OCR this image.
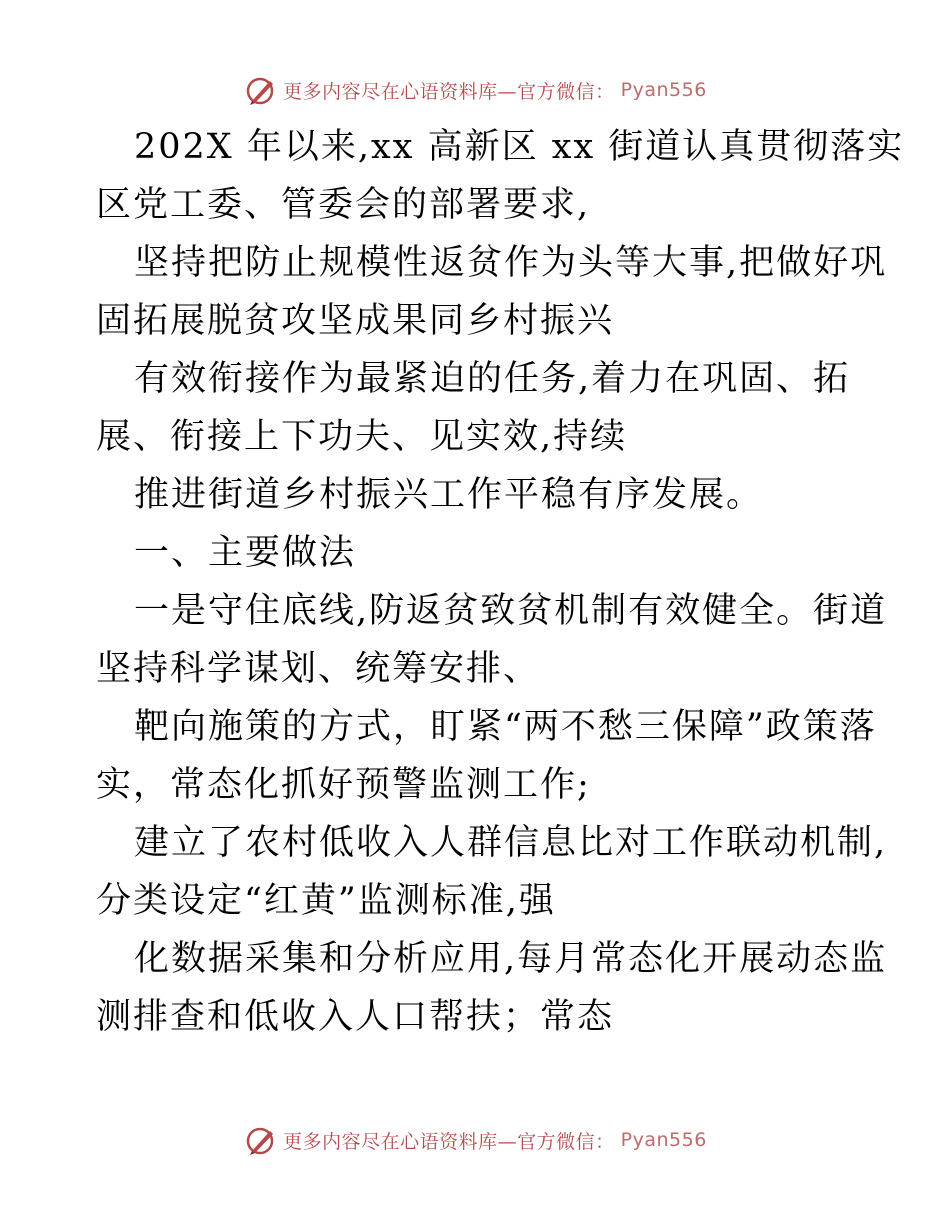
更多内容尽在心语资料库—官方微信： Pyan556
202X 年以来,xx 高新区 xx 街道认真贯彻落实
区党工委、管委会的部署要求,
坚持把防止规模性返贫作为头等大事,把做好巩
固拓展脱贫攻坚成果同乡村振兴
有效衔接作为最紧迫的任务,着力在巩固、拓
展、衔接上下功夫、见实效,持续
推进街道乡村振兴工作平稳有序发展。
一、主要做法
一是守住底线,防返贫致贫机制有效健全。街道
坚持科学谋划、统筹安排、
靶向施策的方式，盯紧“两不愁三保障”政策落
实，常态化抓好预警监测工作;
建立了农村低收入人群信息比对工作联动机制,
分类设定“红黄”监测标准,强
化数据采集和分析应用,每月常态化开展动态监
测排查和低收入人口帮扶；常态
更多内容尽在心语资料库—官方微信： Pyan556
